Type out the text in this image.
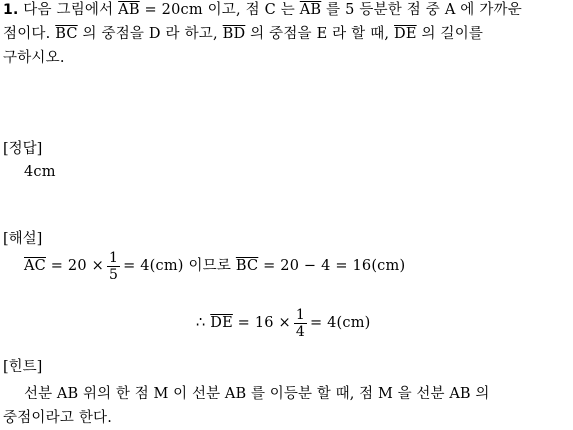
1. 다음 그림에서 $\overline{AB} = 20cm$ 이고, 점 C 는 $\overline{AB}$ 를 5 등분한 점 중 A 에 가까운
점이다. $\overline{BC}$ 의 중점을 D 라 하고, $\overline{BD}$ 의 중점을 E 라 할 때, $\overline{DE}$ 의 길이를
구하시오.
[정답]
4cm
[해설]
$\overline{AC} = 20 \times \frac{1}{5} = 4(cm)$ 이므로 $\overline{BC} = 20 - 4 = 16(cm)$
∴ $\overline{DE} = 16 \times \frac{1}{4} = 4(cm)$
[힌트]
선분 AB 위의 한 점 M 이 선분 AB 를 이등분 할 때, 점 M 을 선분 AB 의
중점이라고 한다.
